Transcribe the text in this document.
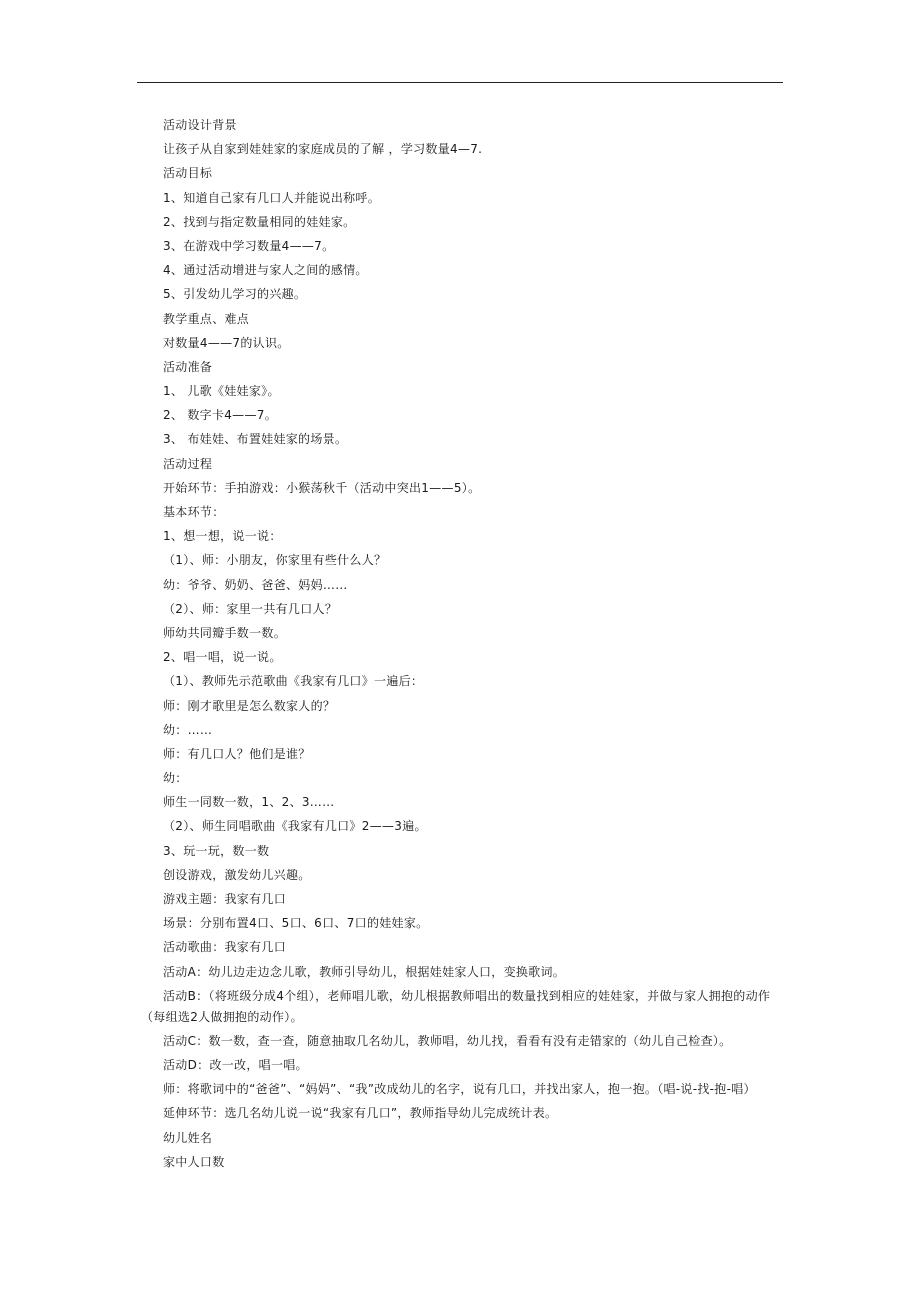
活动设计背景
让孩子从自家到娃娃家的家庭成员的了解 ，学习数量4—7.
活动目标
1、知道自己家有几口人并能说出称呼。
2、找到与指定数量相同的娃娃家。
3、在游戏中学习数量4——7。
4、通过活动增进与家人之间的感情。
5、引发幼儿学习的兴趣。
教学重点、难点
对数量4——7的认识。
活动准备
1、 儿歌《娃娃家》。
2、 数字卡4——7。
3、 布娃娃、布置娃娃家的场景。
活动过程
开始环节：手拍游戏：小猴荡秋千（活动中突出1——5）。
基本环节：
1、想一想，说一说：
（1）、师：小朋友，你家里有些什么人？
幼：爷爷、奶奶、爸爸、妈妈……
（2）、师：家里一共有几口人？
师幼共同瓣手数一数。
2、唱一唱，说一说。
（1）、教师先示范歌曲《我家有几口》一遍后：
师：刚才歌里是怎么数家人的？
幼：……
师：有几口人？他们是谁？
幼：
师生一同数一数，1、2、3……
（2）、师生同唱歌曲《我家有几口》2——3遍。
3、玩一玩，数一数
创设游戏，激发幼儿兴趣。
游戏主题：我家有几口
场景：分别布置4口、5口、6口、7口的娃娃家。
活动歌曲：我家有几口
活动A：幼儿边走边念儿歌，教师引导幼儿，根据娃娃家人口，变换歌词。
活动B：（将班级分成4个组），老师唱儿歌，幼儿根据教师唱出的数量找到相应的娃娃家，并做与家人拥抱的动作（每组选2人做拥抱的动作）。
活动C：数一数，查一查，随意抽取几名幼儿，教师唱，幼儿找，看看有没有走错家的（幼儿自己检查）。
活动D：改一改，唱一唱。
师：将歌词中的“爸爸”、“妈妈”、“我”改成幼儿的名字，说有几口，并找出家人，抱一抱。（唱-说-找-抱-唱）
延伸环节：选几名幼儿说一说“我家有几口”，教师指导幼儿完成统计表。
幼儿姓名
家中人口数
